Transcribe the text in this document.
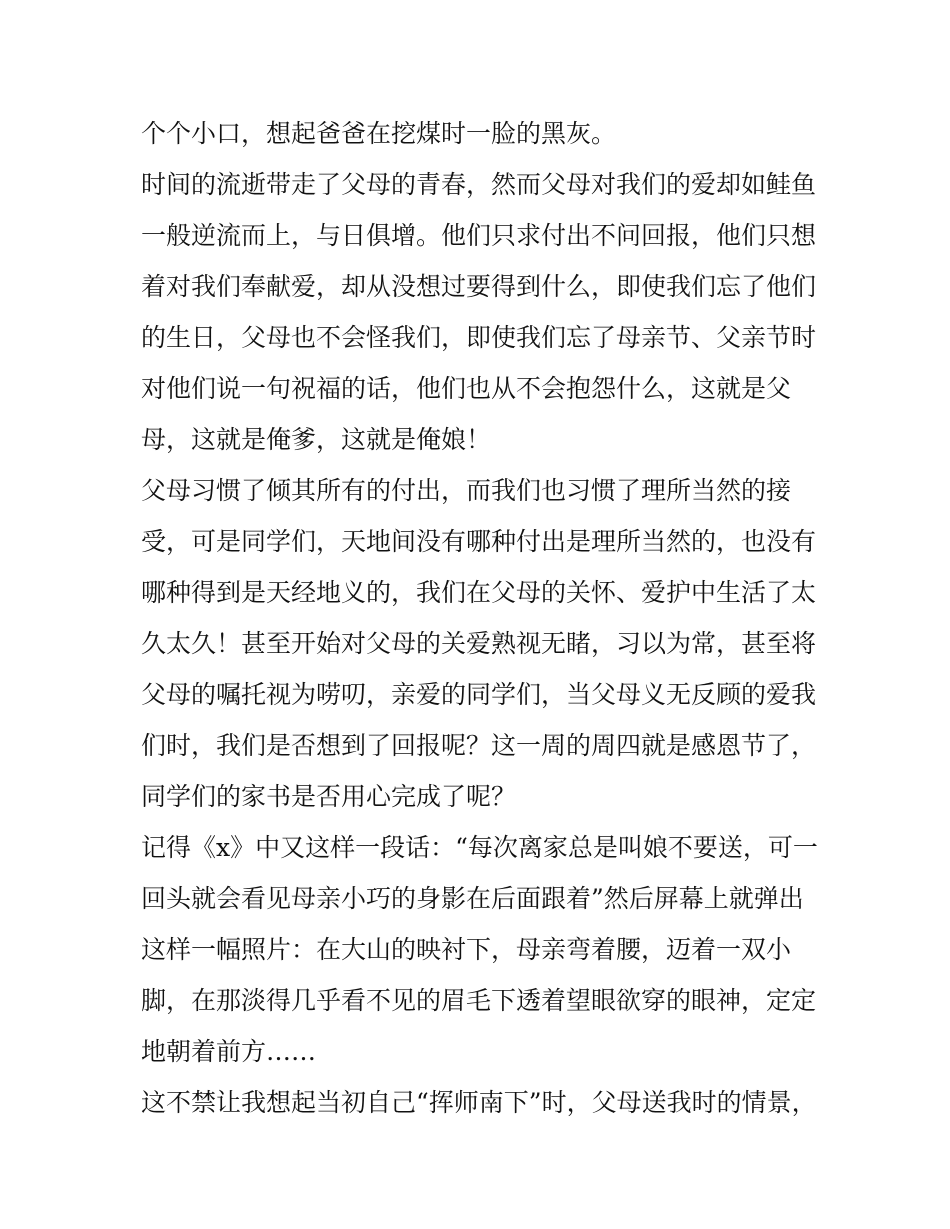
个个小口，想起爸爸在挖煤时一脸的黑灰。
时间的流逝带走了父母的青春，然而父母对我们的爱却如鲑鱼
一般逆流而上，与日俱增。他们只求付出不问回报，他们只想
着对我们奉献爱，却从没想过要得到什么，即使我们忘了他们
的生日，父母也不会怪我们，即使我们忘了母亲节、父亲节时
对他们说一句祝福的话，他们也从不会抱怨什么，这就是父
母，这就是俺爹，这就是俺娘！
父母习惯了倾其所有的付出，而我们也习惯了理所当然的接
受，可是同学们，天地间没有哪种付出是理所当然的，也没有
哪种得到是天经地义的，我们在父母的关怀、爱护中生活了太
久太久！甚至开始对父母的关爱熟视无睹，习以为常，甚至将
父母的嘱托视为唠叨，亲爱的同学们，当父母义无反顾的爱我
们时，我们是否想到了回报呢？这一周的周四就是感恩节了，
同学们的家书是否用心完成了呢？
记得《x》中又这样一段话：“每次离家总是叫娘不要送，可一
回头就会看见母亲小巧的身影在后面跟着”然后屏幕上就弹出
这样一幅照片：在大山的映衬下，母亲弯着腰，迈着一双小
脚，在那淡得几乎看不见的眉毛下透着望眼欲穿的眼神，定定
地朝着前方……
这不禁让我想起当初自己“挥师南下”时，父母送我时的情景，
